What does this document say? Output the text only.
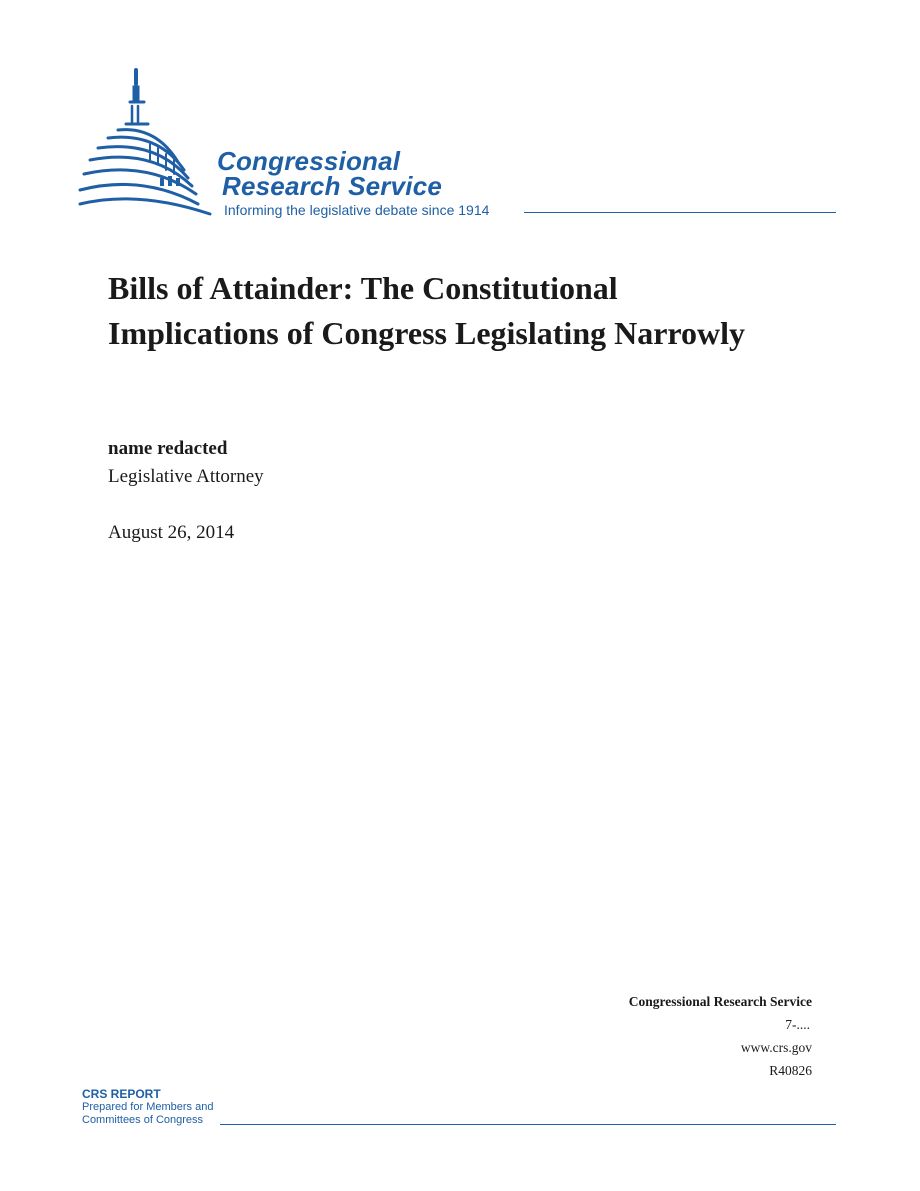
Congressional
Research Service
Informing the legislative debate since 1914
Bills of Attainder: The Constitutional Implications of Congress Legislating Narrowly
name redacted
Legislative Attorney
August 26, 2014
Congressional Research Service
7-....
www.crs.gov
R40826
CRS REPORT
Prepared for Members and
Committees of Congress
